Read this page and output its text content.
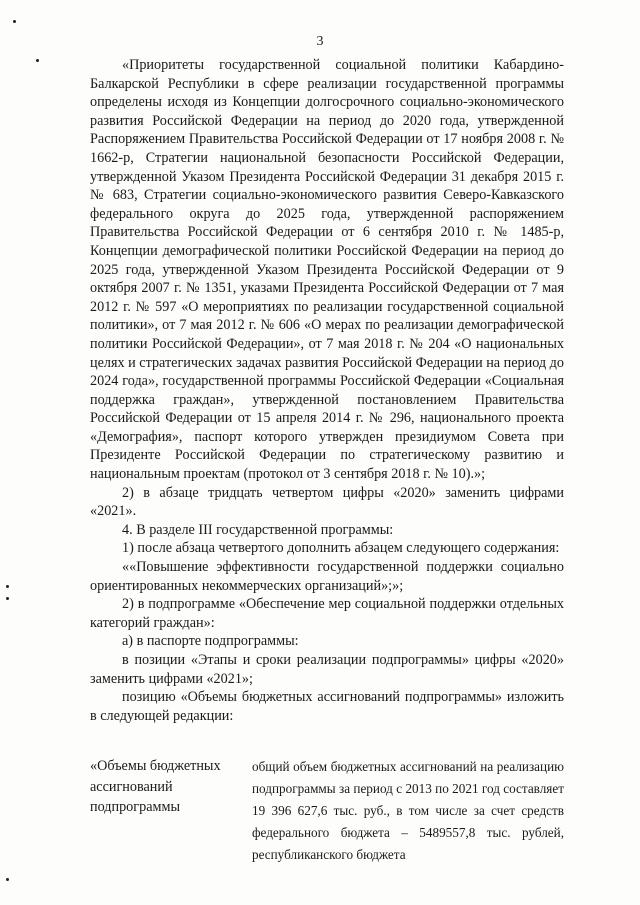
3

«Приоритеты государственной социальной политики Кабардино-Балкарской Республики в сфере реализации государственной программы определены исходя из Концепции долгосрочного социально-экономического развития Российской Федерации на период до 2020 года, утвержденной Распоряжением Правительства Российской Федерации от 17 ноября 2008 г. № 1662-р, Стратегии национальной безопасности Российской Федерации, утвержденной Указом Президента Российской Федерации 31 декабря 2015 г. № 683, Стратегии социально-экономического развития Северо-Кавказского федерального округа до 2025 года, утвержденной распоряжением Правительства Российской Федерации от 6 сентября 2010 г. № 1485-р, Концепции демографической политики Российской Федерации на период до 2025 года, утвержденной Указом Президента Российской Федерации от 9 октября 2007 г. № 1351, указами Президента Российской Федерации от 7 мая 2012 г. № 597 «О мероприятиях по реализации государственной социальной политики», от 7 мая 2012 г. № 606 «О мерах по реализации демографической политики Российской Федерации», от 7 мая 2018 г. № 204 «О национальных целях и стратегических задачах развития Российской Федерации на период до 2024 года», государственной программы Российской Федерации «Социальная поддержка граждан», утвержденной постановлением Правительства Российской Федерации от 15 апреля 2014 г. № 296, национального проекта «Демография», паспорт которого утвержден президиумом Совета при Президенте Российской Федерации по стратегическому развитию и национальным проектам (протокол от 3 сентября 2018 г. № 10).»;

2) в абзаце тридцать четвертом цифры «2020» заменить цифрами «2021».

4. В разделе III государственной программы:

1) после абзаца четвертого дополнить абзацем следующего содержания:

««Повышение эффективности государственной поддержки социально ориентированных некоммерческих организаций»;»;

2) в подпрограмме «Обеспечение мер социальной поддержки отдельных категорий граждан»:

а) в паспорте подпрограммы:

в позиции «Этапы и сроки реализации подпрограммы» цифры «2020» заменить цифрами «2021»;

позицию «Объемы бюджетных ассигнований подпрограммы» изложить в следующей редакции:

«Объемы бюджетных ассигнований подпрограммы
общий объем бюджетных ассигнований на реализацию подпрограммы за период с 2013 по 2021 год составляет 19 396 627,6 тыс. руб., в том числе за счет средств федерального бюджета – 5489557,8 тыс. рублей, республиканского бюджета
